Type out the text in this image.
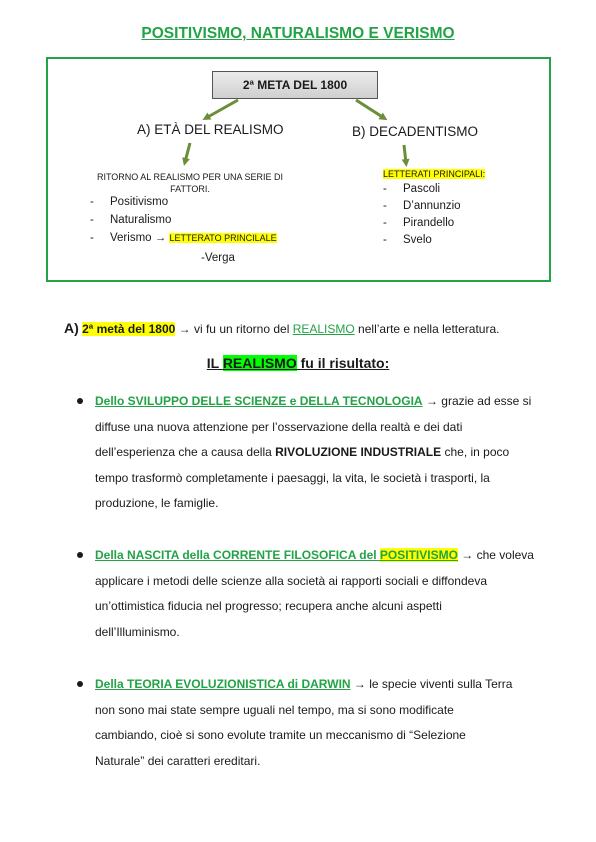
POSITIVISMO, NATURALISMO E VERISMO
2ª META DEL 1800
A) ETÀ DEL REALISMO	B) DECADENTISMO
RITORNO AL REALISMO PER UNA SERIE DI
FATTORI.
- Positivismo
- Naturalismo
- Verismo → LETTERATO PRINCILALE
-Verga
LETTERATI PRINCIPALI:
- Pascoli
- D’annunzio
- Pirandello
- Svelo
A) 2ª metà del 1800 → vi fu un ritorno del REALISMO nell’arte e nella letteratura.
IL REALISMO fu il risultato:
Dello SVILUPPO DELLE SCIENZE e DELLA TECNOLOGIA → grazie ad esse si
diffuse una nuova attenzione per l’osservazione della realtà e dei dati
dell’esperienza che a causa della RIVOLUZIONE INDUSTRIALE che, in poco
tempo trasformò completamente i paesaggi, la vita, le società i trasporti, la
produzione, le famiglie.
Della NASCITA della CORRENTE FILOSOFICA del POSITIVISMO → che voleva
applicare i metodi delle scienze alla società ai rapporti sociali e diffondeva
un’ottimistica fiducia nel progresso; recupera anche alcuni aspetti
dell’Illuminismo.
Della TEORIA EVOLUZIONISTICA di DARWIN → le specie viventi sulla Terra
non sono mai state sempre uguali nel tempo, ma si sono modificate
cambiando, cioè si sono evolute tramite un meccanismo di “Selezione
Naturale” dei caratteri ereditari.
